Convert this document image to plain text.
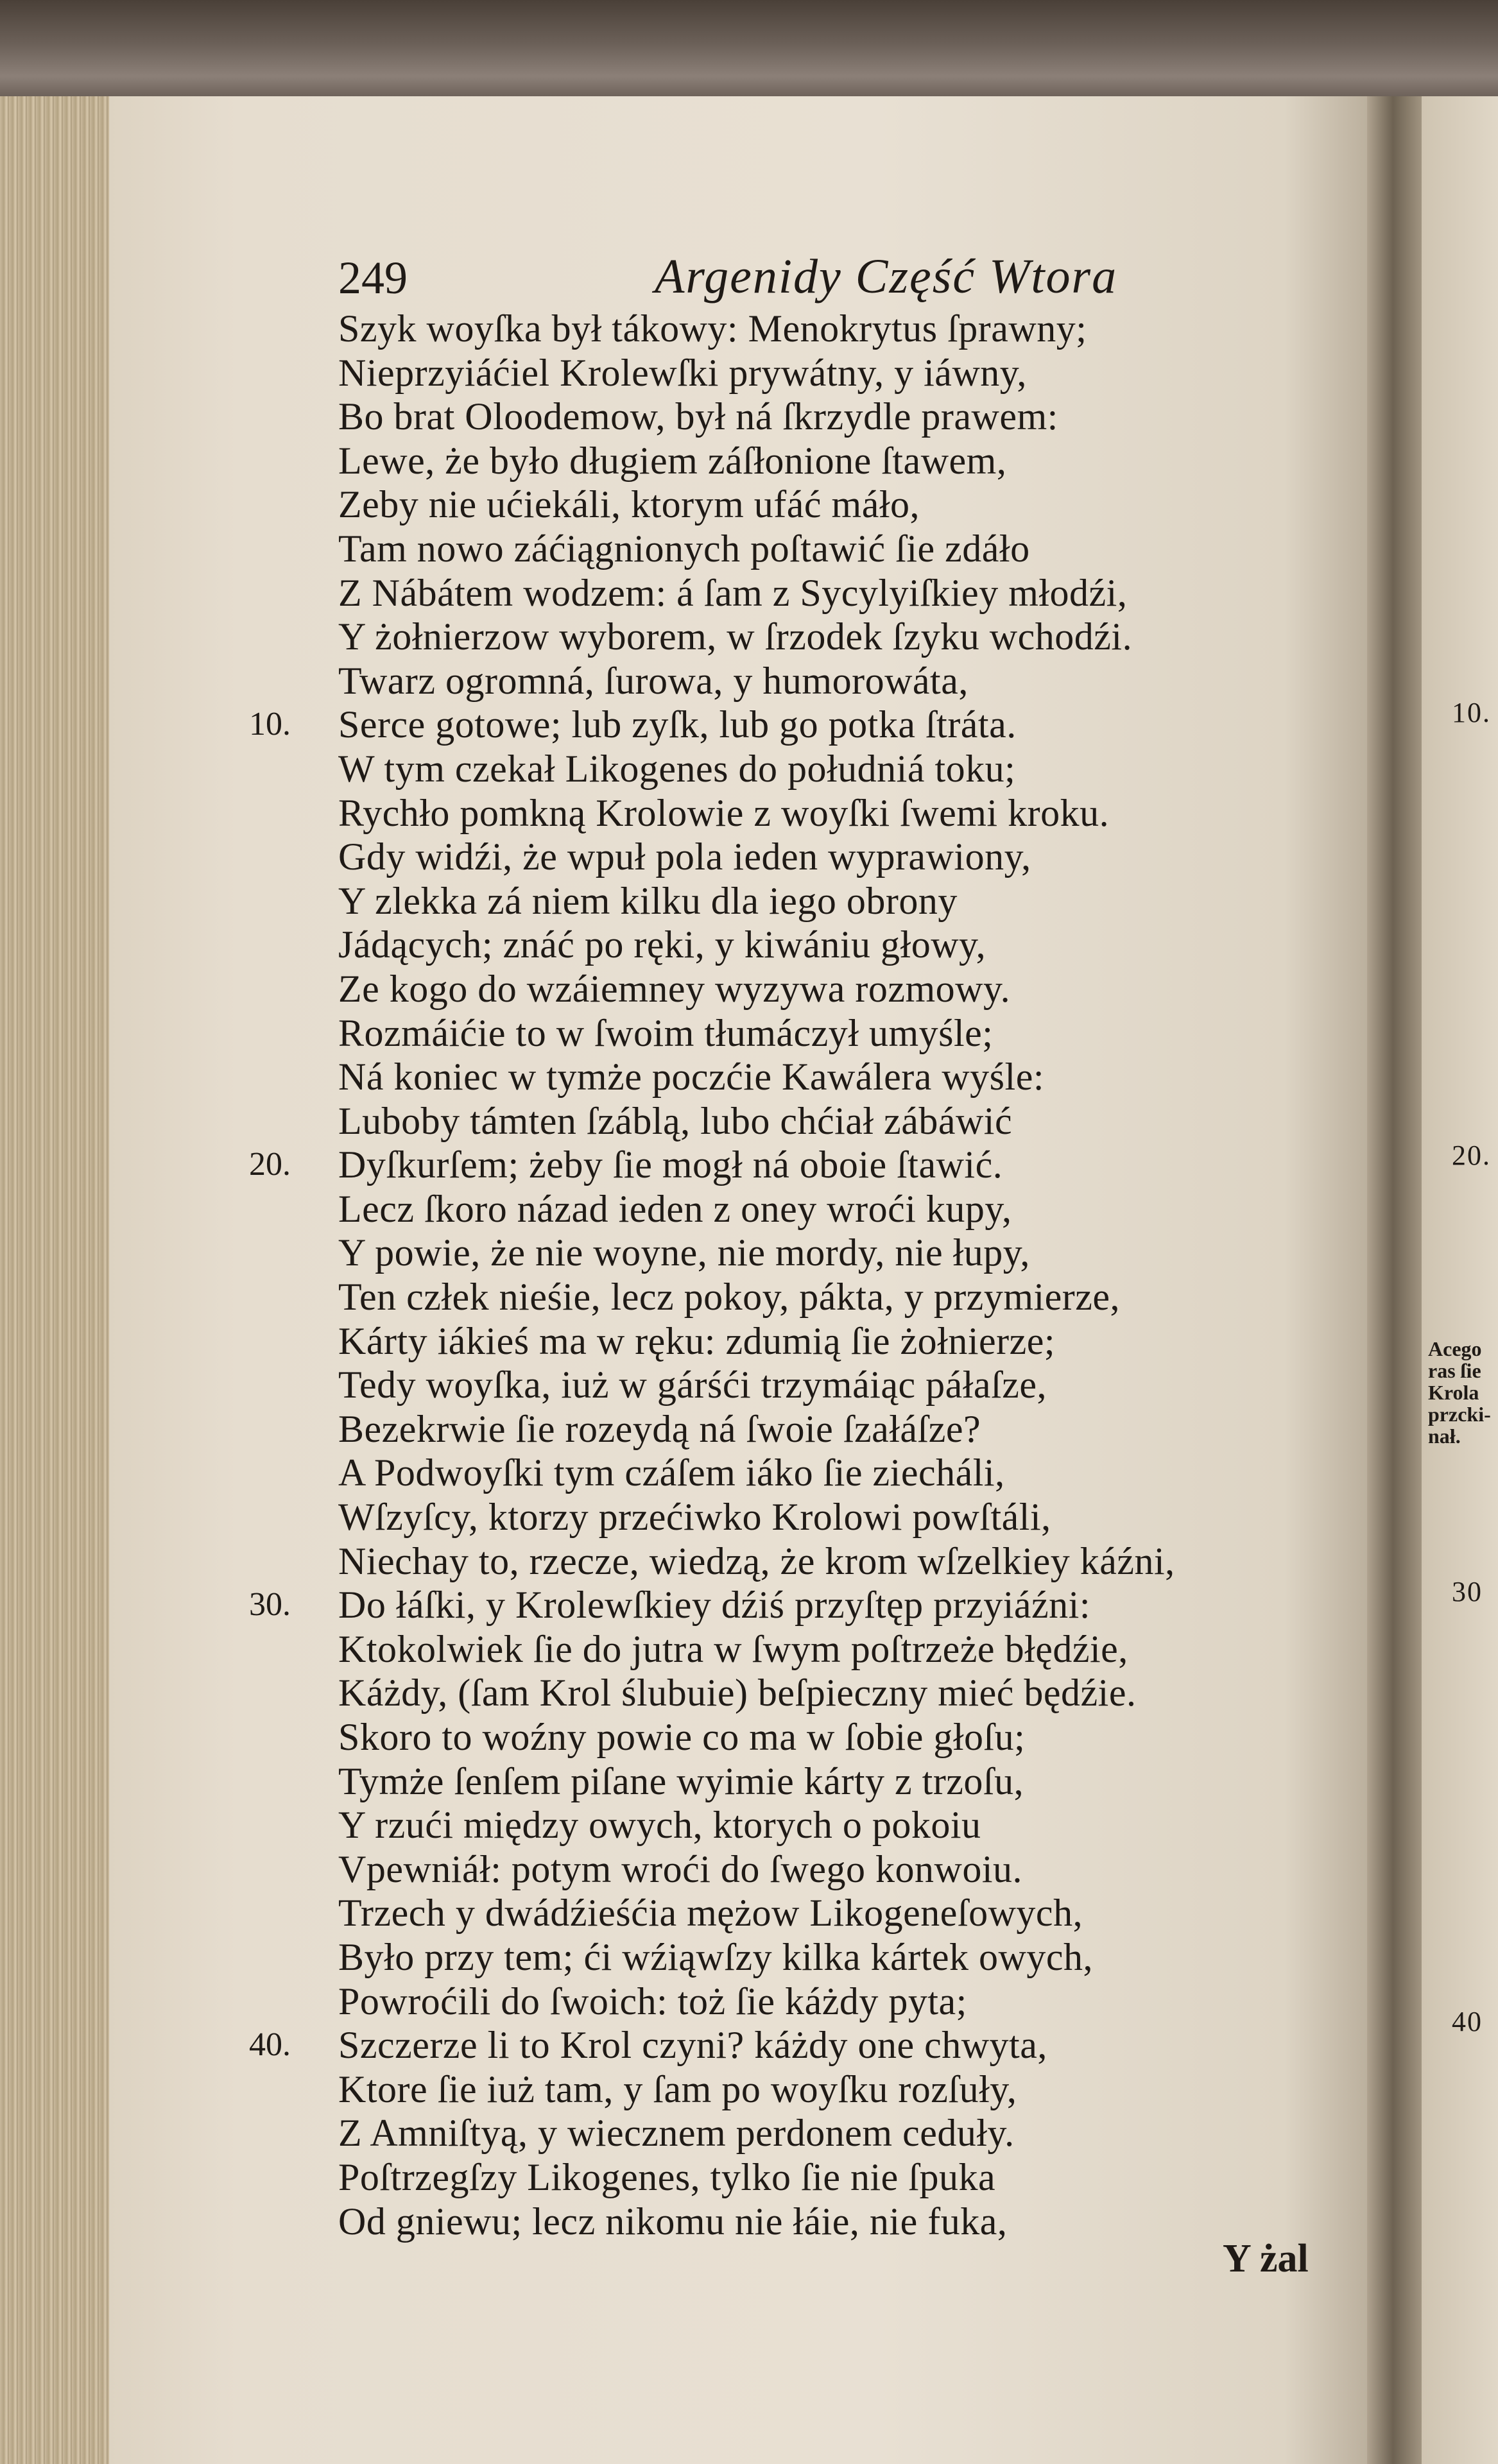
249	Argenidy Część Wtora
Szyk woyſka był tákowy: Menokrytus ſprawny;
Nieprzyiáćiel Krolewſki prywátny, y iáwny,
Bo brat Oloodemow, był ná ſkrzydle prawem:
Lewe, że było długiem záſłonione ſtawem,
Zeby nie ućiekáli, ktorym ufáć máło,
Tam nowo záćiągnionych poſtawić ſie zdáło
Z Nábátem wodzem: á ſam z Sycylyiſkiey młodźi,
Y żołnierzow wyborem, w ſrzodek ſzyku wchodźi.
Twarz ogromná, ſurowa, y humorowáta,
Serce gotowe; lub zyſk, lub go potka ſtráta.
W tym czekał Likogenes do południá toku;
Rychło pomkną Krolowie z woyſki ſwemi kroku.
Gdy widźi, że wpuł pola ieden wyprawiony,
Y zlekka zá niem kilku dla iego obrony
Jádących; znáć po ręki, y kiwániu głowy,
Ze kogo do wzáiemney wyzywa rozmowy.
Rozmáićie to w ſwoim tłumáczył umyśle;
Ná koniec w tymże poczćie Kawálera wyśle:
Luboby támten ſzáblą, lubo chćiał zábáwić
Dyſkurſem; żeby ſie mogł ná oboie ſtawić.
Lecz ſkoro názad ieden z oney wroći kupy,
Y powie, że nie woyne, nie mordy, nie łupy,
Ten człek nieśie, lecz pokoy, pákta, y przymierze,
Kárty iákieś ma w ręku: zdumią ſie żołnierze;
Tedy woyſka, iuż w gárśći trzymáiąc páłaſze,
Bezekrwie ſie rozeydą ná ſwoie ſzałáſze?
A Podwoyſki tym czáſem iáko ſie ziecháli,
Wſzyſcy, ktorzy przećiwko Krolowi powſtáli,
Niechay to, rzecze, wiedzą, że krom wſzelkiey káźni,
Do łáſki, y Krolewſkiey dźiś przyſtęp przyiáźni:
Ktokolwiek ſie do jutra w ſwym poſtrzeże błędźie,
Káżdy, (ſam Krol ślubuie) beſpieczny mieć będźie.
Skoro to woźny powie co ma w ſobie głoſu;
Tymże ſenſem piſane wyimie kárty z trzoſu,
Y rzući między owych, ktorych o pokoiu
Vpewniáł: potym wroći do ſwego konwoiu.
Trzech y dwádźieśćia mężow Likogeneſowych,
Było przy tem; ći wźiąwſzy kilka kártek owych,
Powroćili do ſwoich: toż ſie káżdy pyta;
Szczerze li to Krol czyni? káżdy one chwyta,
Ktore ſie iuż tam, y ſam po woyſku rozſuły,
Z Amniſtyą, y wiecznem perdonem ceduły.
Poſtrzegſzy Likogenes, tylko ſie nie ſpuka
Od gniewu; lecz nikomu nie łáie, nie fuka,
10.
20.
30.
40.
Y żal
10.
20.
30
40
Acego
ras ſie
Krola
przcki-
nał.
